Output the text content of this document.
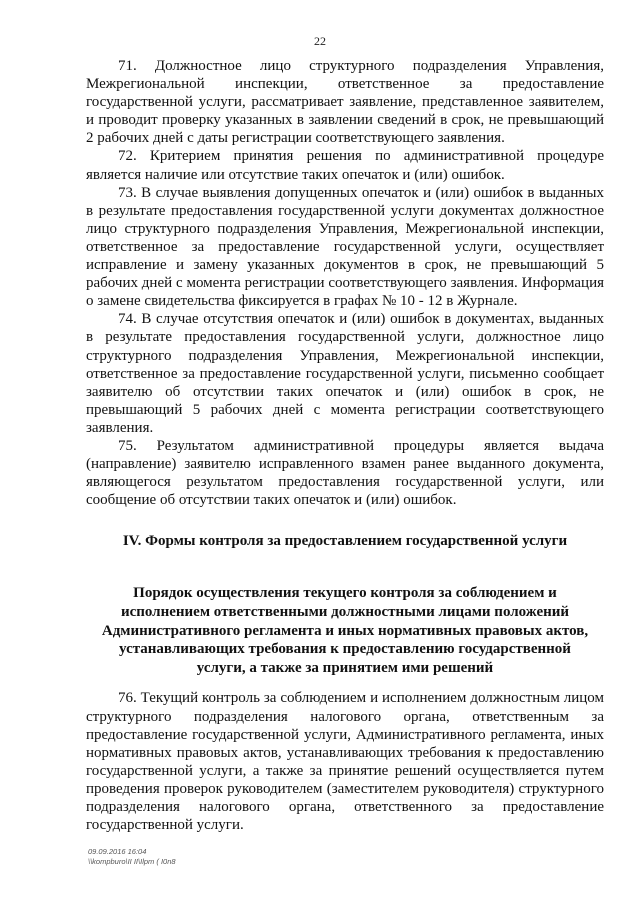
22

71. Должностное лицо структурного подразделения Управления, Межрегиональной инспекции, ответственное за предоставление государственной услуги, рассматривает заявление, представленное заявителем, и проводит проверку указанных в заявлении сведений в срок, не превышающий 2 рабочих дней с даты регистрации соответствующего заявления.

72. Критерием принятия решения по административной процедуре является наличие или отсутствие таких опечаток и (или) ошибок.

73. В случае выявления допущенных опечаток и (или) ошибок в выданных в результате предоставления государственной услуги документах должностное лицо структурного подразделения Управления, Межрегиональной инспекции, ответственное за предоставление государственной услуги, осуществляет исправление и замену указанных документов в срок, не превышающий 5 рабочих дней с момента регистрации соответствующего заявления. Информация о замене свидетельства фиксируется в графах № 10 - 12 в Журнале.

74. В случае отсутствия опечаток и (или) ошибок в документах, выданных в результате предоставления государственной услуги, должностное лицо структурного подразделения Управления, Межрегиональной инспекции, ответственное за предоставление государственной услуги, письменно сообщает заявителю об отсутствии таких опечаток и (или) ошибок в срок, не превышающий 5 рабочих дней с момента регистрации соответствующего заявления.

75. Результатом административной процедуры является выдача (направление) заявителю исправленного взамен ранее выданного документа, являющегося результатом предоставления государственной услуги, или сообщение об отсутствии таких опечаток и (или) ошибок.

IV. Формы контроля за предоставлением государственной услуги
Порядок осуществления текущего контроля за соблюдением и исполнением ответственными должностными лицами положений Административного регламента и иных нормативных правовых актов, устанавливающих требования к предоставлению государственной услуги, а также за принятием ими решений

76. Текущий контроль за соблюдением и исполнением должностным лицом структурного подразделения налогового органа, ответственным за предоставление государственной услуги, Административного регламента, иных нормативных правовых актов, устанавливающих требования к предоставлению государственной услуги, а также за принятие решений осуществляется путем проведения проверок руководителем (заместителем руководителя) структурного подразделения налогового органа, ответственного за предоставление государственной услуги.

09.09.2016 16:04
\\kompburo\II II\Ilpm ( I0n8
